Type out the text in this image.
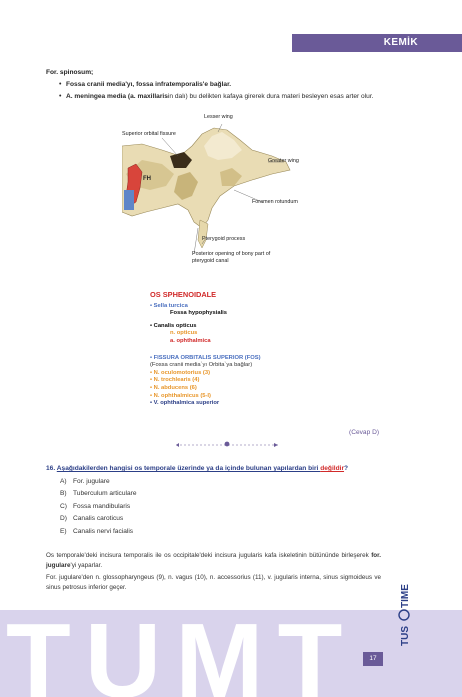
KEMİK
For. spinosum;
• Fossa cranii media'yı, fossa infratemporalis'e bağlar.
• A. meningea media (a. maxillarisin dalı) bu delikten kafaya girerek dura materi besleyen esas arter olur.
Lesser wing
Superior orbital fissure
Greater wing
FH
Foramen rotundum
Pterygoid process
Posterior opening of bony part of
pterygoid canal
OS SPHENOIDALE
• Sella turcica
Fossa hypophysialis
• Canalis opticus
n. opticus
a. ophthalmica
• FISSURA ORBITALIS SUPERIOR (FOS)
(Fossa cranii media`yı Orbita`ya bağlar)
• N. oculomotorius (3)
• N. trochlearis (4)
• N. abducens (6)
• N. ophthalmicus (5-I)
• V. ophthalmica superior
(Cevap D)
16. Aşağıdakilerden hangisi os temporale üzerinde ya da içinde bulunan yapılardan biri değildir?
A) For. jugulare
B) Tuberculum articulare
C) Fossa mandibularis
D) Canalis caroticus
E) Canalis nervi facialis

Os temporale'deki incisura temporalis ile os occipitale'deki incisura jugularis kafa iskeletinin bütününde birleşerek for. jugulare'yi yaparlar.

For. jugulare'den n. glossopharyngeus (9), n. vagus (10), n. accessorius (11), v. jugularis interna, sinus sigmoideus ve sinus petrosus inferior geçer.

TUMT	TUS
TIME
17
